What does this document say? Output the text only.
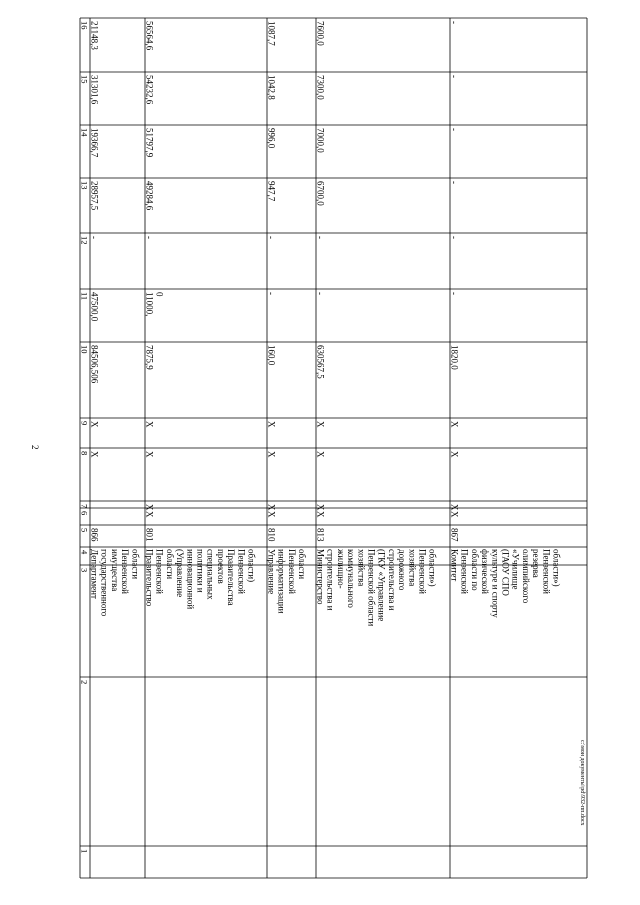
2
1
2
3
4
5
6
7
8
9
10
11
12
13
14
15
16
Департамент государственного имущества Пензенской области
866
X
X
84506,506
47500,0
-
28957,5
19366,7
31301,6
21148,3
Правительство Пензенской области (Управление инновационной политики и специальных проектов Правительства Пензенской области)
801
X
X
X
X
7875,9
11000, 0
-
49284,6
51797,9
54232,6
56564,6
Управление информатизации Пензенской области
810
X
X
X
X
160,0
-
-
947,7
996,0
1042,8
1087,7
Министерство строительства и жилищно- коммунального хозяйства Пензенской области (ГКУ «Управление строительства и дорожного хозяйства Пензенской области»)
813
X
X
X
X
630567,5
-
-
6700,0
7000,0
7300,0
7600,0
Комитет Пензенской области по физической культуре и спорту (ГАОУ СПО «Училище олимпийского резерва Пензенской области»)
867
X
X
X
X
1820,0
-
-
-
-
-
-
c:\мои документы\pd\932-пп.docx
